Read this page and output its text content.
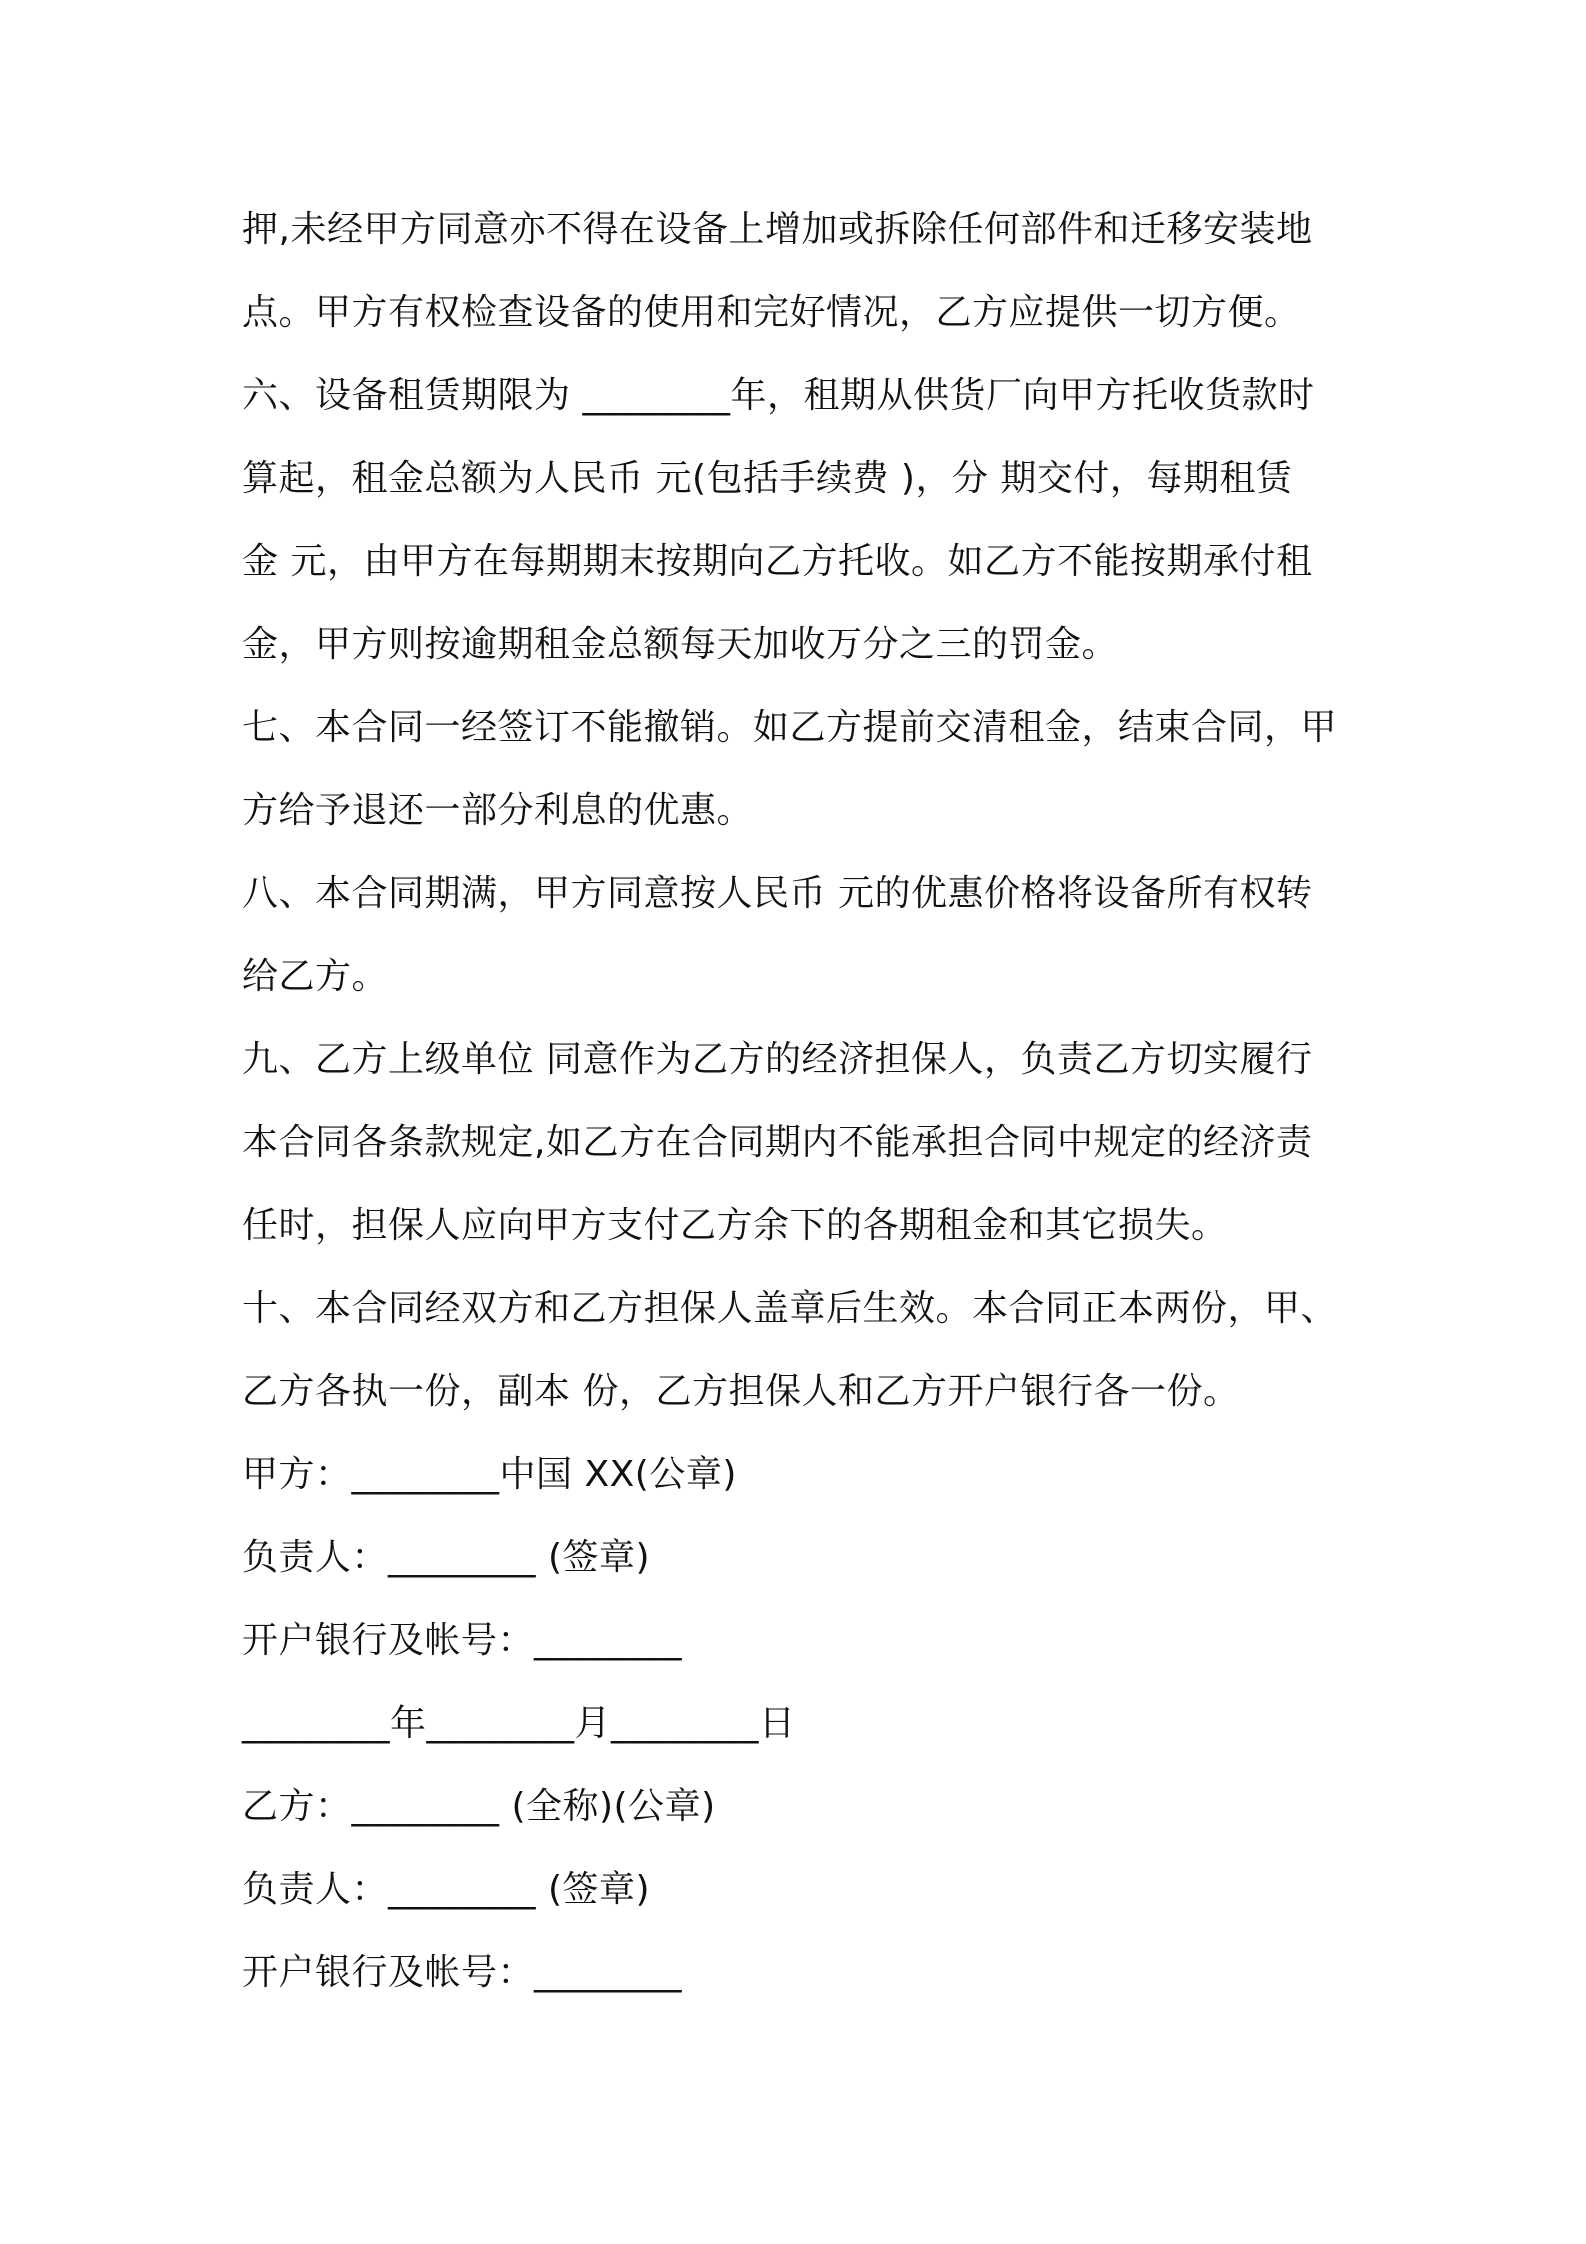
押,未经甲方同意亦不得在设备上增加或拆除任何部件和迁移安装地

点。甲方有权检查设备的使用和完好情况，乙方应提供一切方便。

六、设备租赁期限为 ________年，租期从供货厂向甲方托收货款时

算起，租金总额为人民币 元(包括手续费 )，分 期交付，每期租赁

金 元，由甲方在每期期末按期向乙方托收。如乙方不能按期承付租

金，甲方则按逾期租金总额每天加收万分之三的罚金。

七、本合同一经签订不能撤销。如乙方提前交清租金，结束合同，甲

方给予退还一部分利息的优惠。

八、本合同期满，甲方同意按人民币 元的优惠价格将设备所有权转

给乙方。

九、乙方上级单位 同意作为乙方的经济担保人，负责乙方切实履行

本合同各条款规定,如乙方在合同期内不能承担合同中规定的经济责

任时，担保人应向甲方支付乙方余下的各期租金和其它损失。

十、本合同经双方和乙方担保人盖章后生效。本合同正本两份，甲、

乙方各执一份，副本 份，乙方担保人和乙方开户银行各一份。

甲方：________中国 XX(公章)

负责人：________ (签章)

开户银行及帐号：________

________年________月________日

乙方：________ (全称)(公章)

负责人：________ (签章)

开户银行及帐号：________
